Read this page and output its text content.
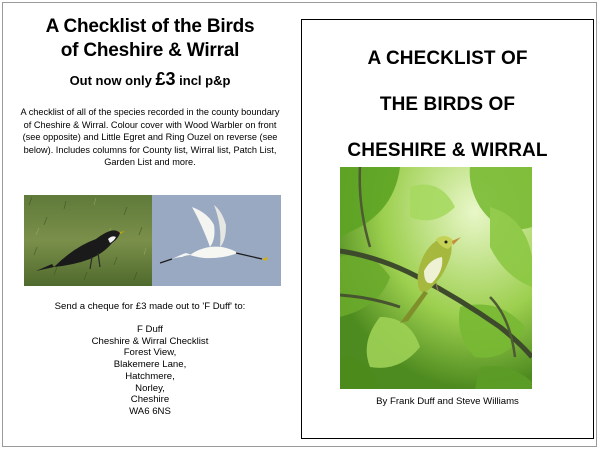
A Checklist of the Birds
of Cheshire & Wirral
Out now only £3 incl p&p
A checklist of all of the species recorded in the county boundary of Cheshire & Wirral. Colour cover with Wood Warbler on front (see opposite) and Little Egret and Ring Ouzel on reverse (see below). Includes columns for County list, Wirral list, Patch List, Garden List and more.
Send a cheque for £3 made out to 'F Duff' to:
F Duff
Cheshire & Wirral Checklist
Forest View,
Blakemere Lane,
Hatchmere,
Norley,
Cheshire
WA6 6NS
A CHECKLIST OF
THE BIRDS OF
CHESHIRE & WIRRAL
By Frank Duff and Steve Williams
